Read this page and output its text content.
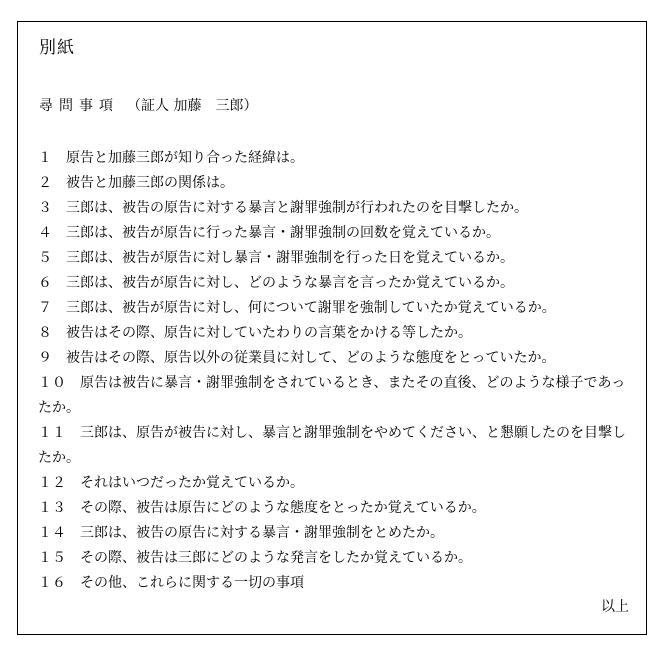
別紙
尋問事項 （証人 加藤　三郎）
１　 原告と加藤三郎が知り合った経緯は。
２　 被告と加藤三郎の関係は。
３　 三郎は、被告の原告に対する暴言と謝罪強制が行われたのを目撃したか。
４　 三郎は、被告が原告に行った暴言・謝罪強制の回数を覚えているか。
５　 三郎は、被告が原告に対し暴言・謝罪強制を行った日を覚えているか。
６　 三郎は、被告が原告に対し、どのような暴言を言ったか覚えているか。
７　 三郎は、被告が原告に対し、何について謝罪を強制していたか覚えているか。
８　 被告はその際、原告に対していたわりの言葉をかける等したか。
９　 被告はその際、原告以外の従業員に対して、どのような態度をとっていたか。
１０　 原告は被告に暴言・謝罪強制をされているとき、またその直後、どのような様子であったか。
１１　 三郎は、原告が被告に対し、暴言と謝罪強制をやめてください、と懇願したのを目撃したか。
１２　 それはいつだったか覚えているか。
１３　 その際、被告は原告にどのような態度をとったか覚えているか。
１４　 三郎は、被告の原告に対する暴言・謝罪強制をとめたか。
１５　 その際、被告は三郎にどのような発言をしたか覚えているか。
１６　 その他、これらに関する一切の事項
以上
